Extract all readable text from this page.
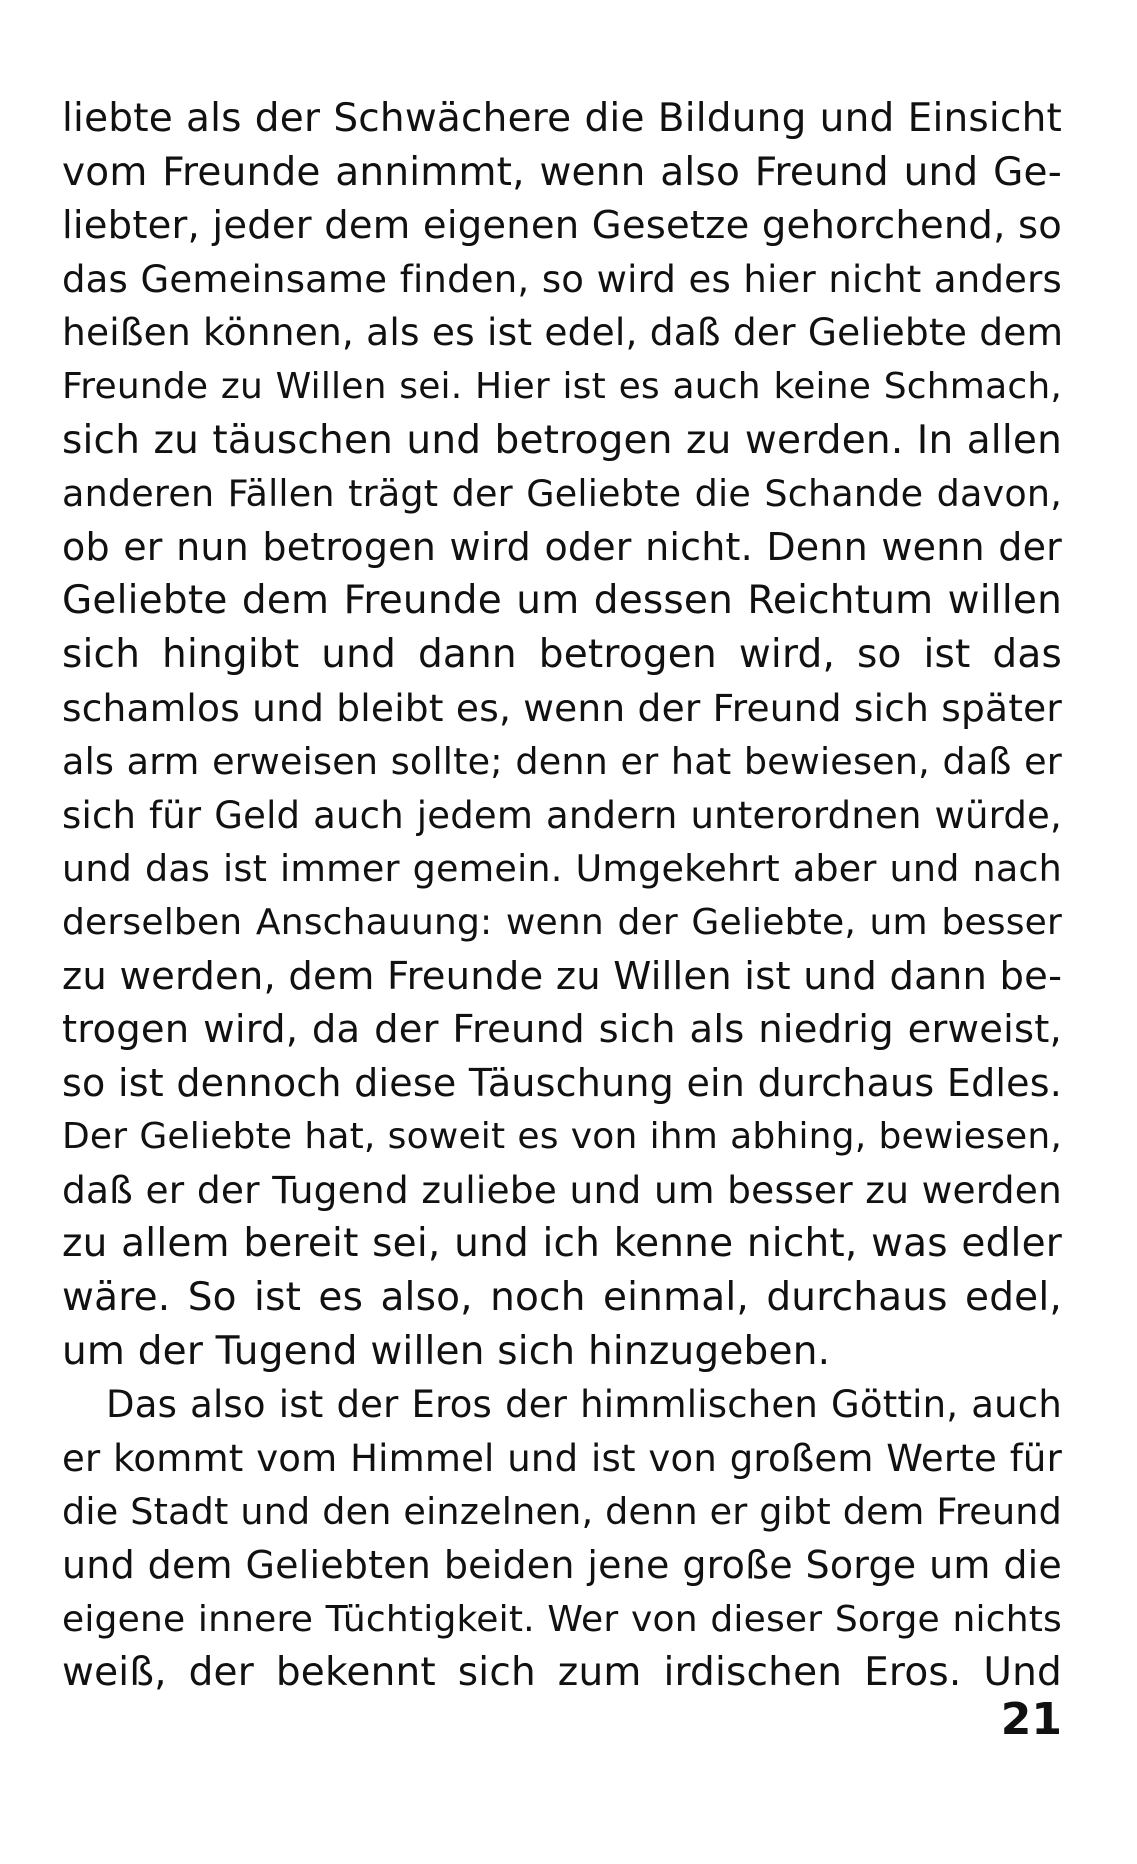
liebte als der Schwächere die Bildung und Einsicht
vom Freunde annimmt, wenn also Freund und Ge-
liebter, jeder dem eigenen Gesetze gehorchend, so
das Gemeinsame finden, so wird es hier nicht anders
heißen können, als es ist edel, daß der Geliebte dem
Freunde zu Willen sei. Hier ist es auch keine Schmach,
sich zu täuschen und betrogen zu werden. In allen
anderen Fällen trägt der Geliebte die Schande davon,
ob er nun betrogen wird oder nicht. Denn wenn der
Geliebte dem Freunde um dessen Reichtum willen
sich hingibt und dann betrogen wird, so ist das
schamlos und bleibt es, wenn der Freund sich später
als arm erweisen sollte; denn er hat bewiesen, daß er
sich für Geld auch jedem andern unterordnen würde,
und das ist immer gemein. Umgekehrt aber und nach
derselben Anschauung: wenn der Geliebte, um besser
zu werden, dem Freunde zu Willen ist und dann be-
trogen wird, da der Freund sich als niedrig erweist,
so ist dennoch diese Täuschung ein durchaus Edles.
Der Geliebte hat, soweit es von ihm abhing, bewiesen,
daß er der Tugend zuliebe und um besser zu werden
zu allem bereit sei, und ich kenne nicht, was edler
wäre. So ist es also, noch einmal, durchaus edel,
um der Tugend willen sich hinzugeben.
Das also ist der Eros der himmlischen Göttin, auch
er kommt vom Himmel und ist von großem Werte für
die Stadt und den einzelnen, denn er gibt dem Freund
und dem Geliebten beiden jene große Sorge um die
eigene innere Tüchtigkeit. Wer von dieser Sorge nichts
weiß, der bekennt sich zum irdischen Eros. Und
21
